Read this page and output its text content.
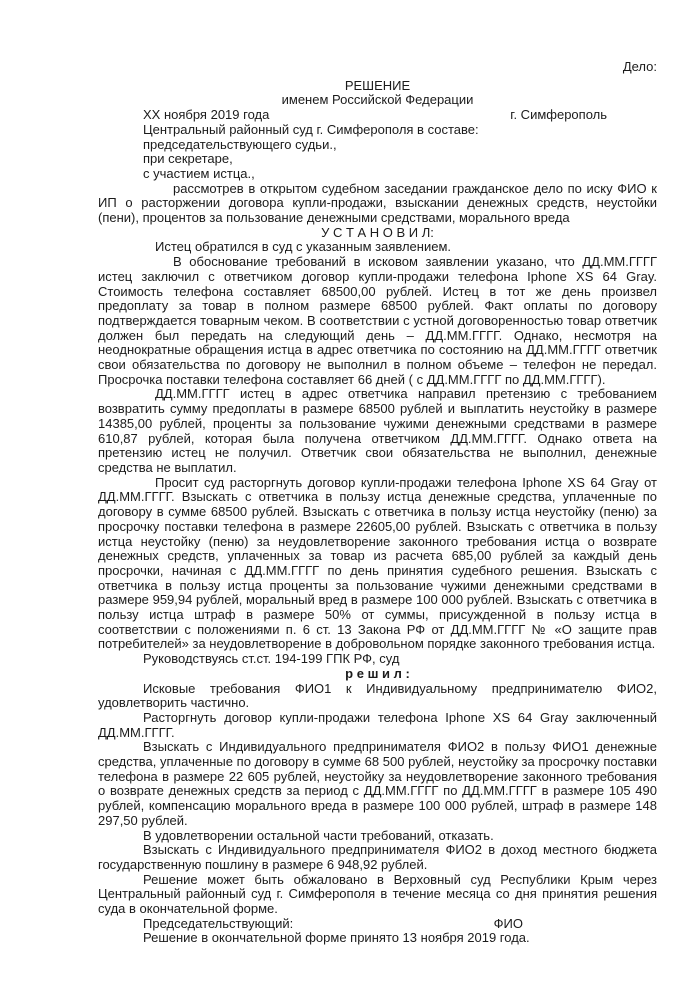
Дело:
РЕШЕНИЕ
именем Российской Федерации
XX ноября 2019 года	г. Симферополь
Центральный районный суд г. Симферополя в составе:
председательствующего судьи.,
при секретаре,
с участием истца.,

рассмотрев в открытом судебном заседании гражданское дело по иску ФИО к ИП о расторжении договора купли-продажи, взыскании денежных средств, неустойки (пени), процентов за пользование денежными средствами, морального вреда

У С Т А Н О В И Л:

Истец обратился в суд с указанным заявлением.

В обоснование требований в исковом заявлении указано, что ДД.ММ.ГГГГ истец заключил с ответчиком договор купли-продажи телефона Iphone XS 64 Gray. Стоимость телефона составляет 68500,00 рублей. Истец в тот же день произвел предоплату за товар в полном размере 68500 рублей. Факт оплаты по договору подтверждается товарным чеком. В соответствии с устной договоренностью товар ответчик должен был передать на следующий день – ДД.ММ.ГГГГ. Однако, несмотря на неоднократные обращения истца в адрес ответчика по состоянию на ДД.ММ.ГГГГ ответчик свои обязательства по договору не выполнил в полном объеме – телефон не передал. Просрочка поставки телефона составляет 66 дней ( с ДД.ММ.ГГГГ по ДД.ММ.ГГГГ).

ДД.ММ.ГГГГ истец в адрес ответчика направил претензию с требованием возвратить сумму предоплаты в размере 68500 рублей и выплатить неустойку в размере 14385,00 рублей, проценты за пользование чужими денежными средствами в размере 610,87 рублей, которая была получена ответчиком ДД.ММ.ГГГГ. Однако ответа на претензию истец не получил. Ответчик свои обязательства не выполнил, денежные средства не выплатил.

Просит суд расторгнуть договор купли-продажи телефона Iphone XS 64 Gray от ДД.ММ.ГГГГ. Взыскать с ответчика в пользу истца денежные средства, уплаченные по договору в сумме 68500 рублей. Взыскать с ответчика в пользу истца неустойку (пеню) за просрочку поставки телефона в размере 22605,00 рублей. Взыскать с ответчика в пользу истца неустойку (пеню) за неудовлетворение законного требования истца о возврате денежных средств, уплаченных за товар из расчета 685,00 рублей за каждый день просрочки, начиная с ДД.ММ.ГГГГ по день принятия судебного решения. Взыскать с ответчика в пользу истца проценты за пользование чужими денежными средствами в размере 959,94 рублей, моральный вред в размере 100 000 рублей. Взыскать с ответчика в пользу истца штраф в размере 50% от суммы, присужденной в пользу истца в соответствии с положениями п. 6 ст. 13 Закона РФ от ДД.ММ.ГГГГ № «О защите прав потребителей» за неудовлетворение в добровольном порядке законного требования истца.

Руководствуясь ст.ст. 194-199 ГПК РФ, суд

р е ш и л :

Исковые требования ФИО1 к Индивидуальному предпринимателю ФИО2, удовлетворить частично.

Расторгнуть договор купли-продажи телефона Iphone XS 64 Gray заключенный ДД.ММ.ГГГГ.

Взыскать с Индивидуального предпринимателя ФИО2 в пользу ФИО1 денежные средства, уплаченные по договору в сумме 68 500 рублей, неустойку за просрочку поставки телефона в размере 22 605 рублей, неустойку за неудовлетворение законного требования о возврате денежных средств за период с ДД.ММ.ГГГГ по ДД.ММ.ГГГГ в размере 105 490 рублей, компенсацию морального вреда в размере 100 000 рублей, штраф в размере 148 297,50 рублей.

В удовлетворении остальной части требований, отказать.

Взыскать с Индивидуального предпринимателя ФИО2 в доход местного бюджета государственную пошлину в размере 6 948,92 рублей.

Решение может быть обжаловано в Верховный суд Республики Крым через Центральный районный суд г. Симферополя в течение месяца со дня принятия решения суда в окончательной форме.

Председательствующий:	ФИО

Решение в окончательной форме принято 13 ноября 2019 года.
